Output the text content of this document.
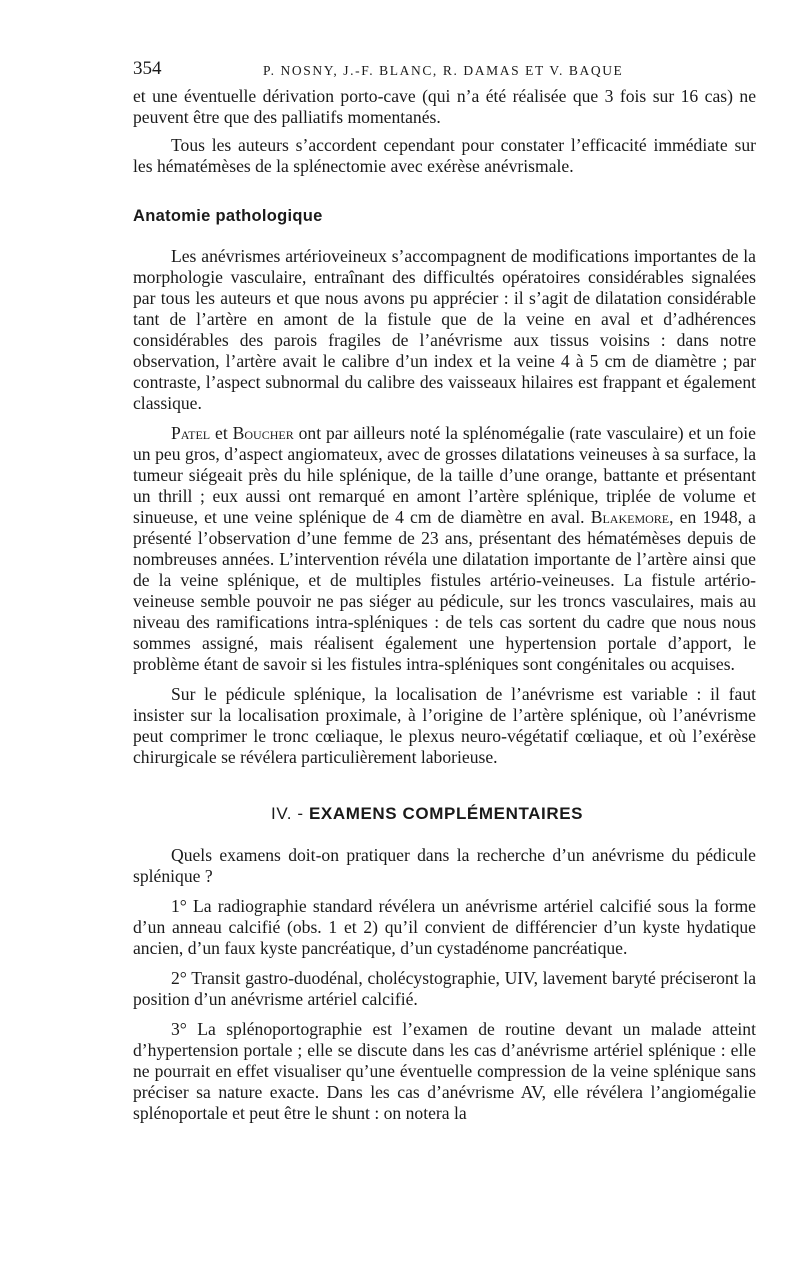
354	P. NOSNY, J.-F. BLANC, R. DAMAS ET V. BAQUE

et une éventuelle dérivation porto-cave (qui n’a été réalisée que 3 fois sur 16 cas) ne peuvent être que des palliatifs momentanés.

Tous les auteurs s’accordent cependant pour constater l’efficacité immédiate sur les hématémèses de la splénectomie avec exérèse anévrismale.

Anatomie pathologique

Les anévrismes artérioveineux s’accompagnent de modifications importantes de la morphologie vasculaire, entraînant des difficultés opératoires considérables signalées par tous les auteurs et que nous avons pu apprécier : il s’agit de dilatation considérable tant de l’artère en amont de la fistule que de la veine en aval et d’adhérences considérables des parois fragiles de l’anévrisme aux tissus voisins : dans notre observation, l’artère avait le calibre d’un index et la veine 4 à 5 cm de diamètre ; par contraste, l’aspect subnormal du calibre des vaisseaux hilaires est frappant et également classique.

Patel et Boucher ont par ailleurs noté la splénomégalie (rate vasculaire) et un foie un peu gros, d’aspect angiomateux, avec de grosses dilatations veineuses à sa surface, la tumeur siégeait près du hile splénique, de la taille d’une orange, battante et présentant un thrill ; eux aussi ont remarqué en amont l’artère splénique, triplée de volume et sinueuse, et une veine splénique de 4 cm de diamètre en aval. Blakemore, en 1948, a présenté l’observation d’une femme de 23 ans, présentant des hématémèses depuis de nombreuses années. L’intervention révéla une dilatation importante de l’artère ainsi que de la veine splénique, et de multiples fistules artério-veineuses. La fistule artério-veineuse semble pouvoir ne pas siéger au pédicule, sur les troncs vasculaires, mais au niveau des ramifications intra-spléniques : de tels cas sortent du cadre que nous nous sommes assigné, mais réalisent également une hypertension portale d’apport, le problème étant de savoir si les fistules intra-spléniques sont congénitales ou acquises.

Sur le pédicule splénique, la localisation de l’anévrisme est variable : il faut insister sur la localisation proximale, à l’origine de l’artère splénique, où l’anévrisme peut comprimer le tronc cœliaque, le plexus neuro-végétatif cœliaque, et où l’exérèse chirurgicale se révélera particulièrement laborieuse.

IV. - EXAMENS COMPLÉMENTAIRES

Quels examens doit-on pratiquer dans la recherche d’un anévrisme du pédicule splénique ?

1° La radiographie standard révélera un anévrisme artériel calcifié sous la forme d’un anneau calcifié (obs. 1 et 2) qu’il convient de différencier d’un kyste hydatique ancien, d’un faux kyste pancréatique, d’un cystadénome pancréatique.

2° Transit gastro-duodénal, cholécystographie, UIV, lavement baryté préciseront la position d’un anévrisme artériel calcifié.

3° La splénoportographie est l’examen de routine devant un malade atteint d’hypertension portale ; elle se discute dans les cas d’anévrisme artériel splénique : elle ne pourrait en effet visualiser qu’une éventuelle compression de la veine splénique sans préciser sa nature exacte. Dans les cas d’anévrisme AV, elle révélera l’angiomégalie splénoportale et peut être le shunt : on notera la
